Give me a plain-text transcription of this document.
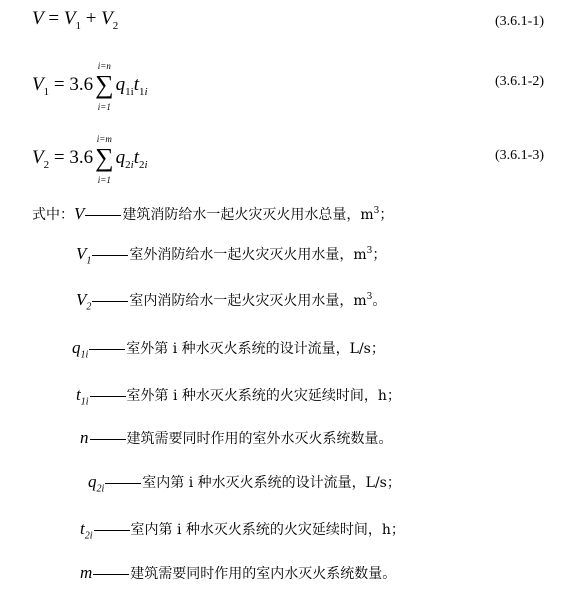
$V = V_1 + V_2$	(3.6.1-1)
$V_1 = 3.6\sum$
i=n
i=1
$q_{1i}t_{1i}$
(3.6.1-2)
$V_2 = 3.6\sum$
i=m
i=1
$q_{2i}t_{2i}$
(3.6.1-3)
式中：V	建筑消防给水一起火灾灭火用水总量，$m^3$；
$V_1$	室外消防给水一起火灾灭火用水量，$m^3$；
$V_2$	室内消防给水一起火灾灭火用水量，$m^3$。
$q_{1i}$	室外第 i 种水灭火系统的设计流量，L/s；
$t_{1i}$	室外第 i 种水灭火系统的火灾延续时间，h；
n	建筑需要同时作用的室外水灭火系统数量。
$q_{2i}$	室内第 i 种水灭火系统的设计流量，L/s；
$t_{2i}$	室内第 i 种水灭火系统的火灾延续时间，h；
m	建筑需要同时作用的室内水灭火系统数量。
